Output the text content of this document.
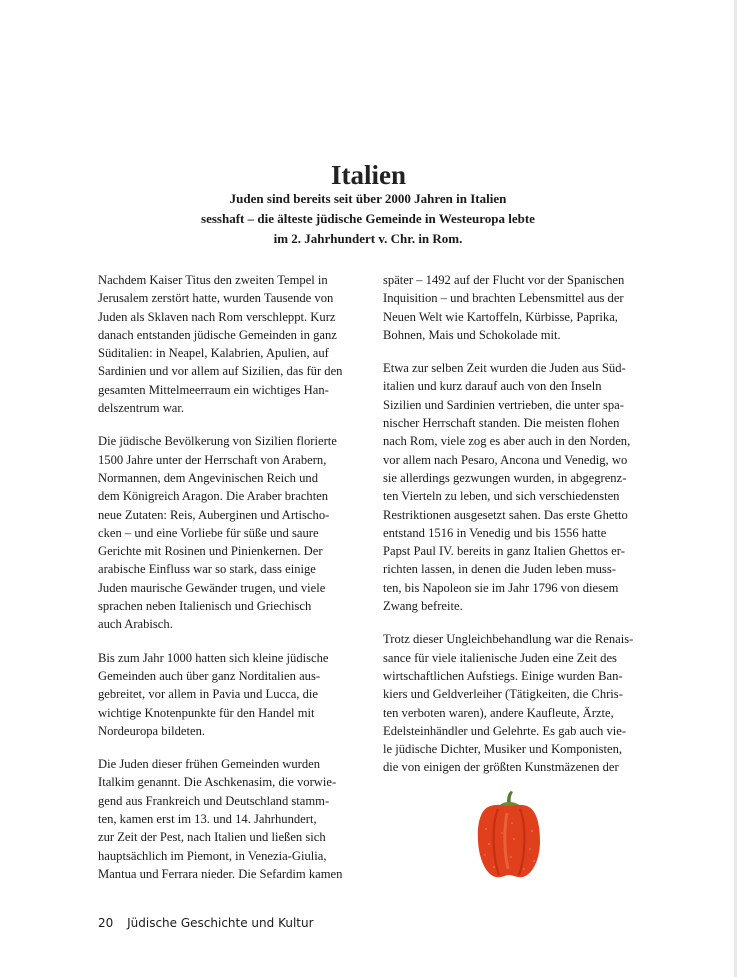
Italien
Juden sind bereits seit über 2000 Jahren in Italien
sesshaft – die älteste jüdische Gemeinde in Westeuropa lebte
im 2. Jahrhundert v. Chr. in Rom.

Nachdem Kaiser Titus den zweiten Tempel in
Jerusalem zerstört hatte, wurden Tausende von
Juden als Sklaven nach Rom verschleppt. Kurz
danach entstanden jüdische Gemeinden in ganz
Süditalien: in Neapel, Kalabrien, Apulien, auf
Sardinien und vor allem auf Sizilien, das für den
gesamten Mittelmeerraum ein wichtiges Han-
delszentrum war.

Die jüdische Bevölkerung von Sizilien florierte
1500 Jahre unter der Herrschaft von Arabern,
Normannen, dem Angevinischen Reich und
dem Königreich Aragon. Die Araber brachten
neue Zutaten: Reis, Auberginen und Artischo-
cken – und eine Vorliebe für süße und saure
Gerichte mit Rosinen und Pinienkernen. Der
arabische Einfluss war so stark, dass einige
Juden maurische Gewänder trugen, und viele
sprachen neben Italienisch und Griechisch
auch Arabisch.

Bis zum Jahr 1000 hatten sich kleine jüdische
Gemeinden auch über ganz Norditalien aus-
gebreitet, vor allem in Pavia und Lucca, die
wichtige Knotenpunkte für den Handel mit
Nordeuropa bildeten.

Die Juden dieser frühen Gemeinden wurden
Italkim genannt. Die Aschkenasim, die vorwie-
gend aus Frankreich und Deutschland stamm-
ten, kamen erst im 13. und 14. Jahrhundert,
zur Zeit der Pest, nach Italien und ließen sich
hauptsächlich im Piemont, in Venezia-Giulia,
Mantua und Ferrara nieder. Die Sefardim kamen

später – 1492 auf der Flucht vor der Spanischen
Inquisition – und brachten Lebensmittel aus der
Neuen Welt wie Kartoffeln, Kürbisse, Paprika,
Bohnen, Mais und Schokolade mit.

Etwa zur selben Zeit wurden die Juden aus Süd-
italien und kurz darauf auch von den Inseln
Sizilien und Sardinien vertrieben, die unter spa-
nischer Herrschaft standen. Die meisten flohen
nach Rom, viele zog es aber auch in den Norden,
vor allem nach Pesaro, Ancona und Venedig, wo
sie allerdings gezwungen wurden, in abgegrenz-
ten Vierteln zu leben, und sich verschiedensten
Restriktionen ausgesetzt sahen. Das erste Ghetto
entstand 1516 in Venedig und bis 1556 hatte
Papst Paul IV. bereits in ganz Italien Ghettos er-
richten lassen, in denen die Juden leben muss-
ten, bis Napoleon sie im Jahr 1796 von diesem
Zwang befreite.

Trotz dieser Ungleichbehandlung war die Renais-
sance für viele italienische Juden eine Zeit des
wirtschaftlichen Aufstiegs. Einige wurden Ban-
kiers und Geldverleiher (Tätigkeiten, die Chris-
ten verboten waren), andere Kaufleute, Ärzte,
Edelsteinhändler und Gelehrte. Es gab auch vie-
le jüdische Dichter, Musiker und Komponisten,
die von einigen der größten Kunstmäzenen der

20 Jüdische Geschichte und Kultur
